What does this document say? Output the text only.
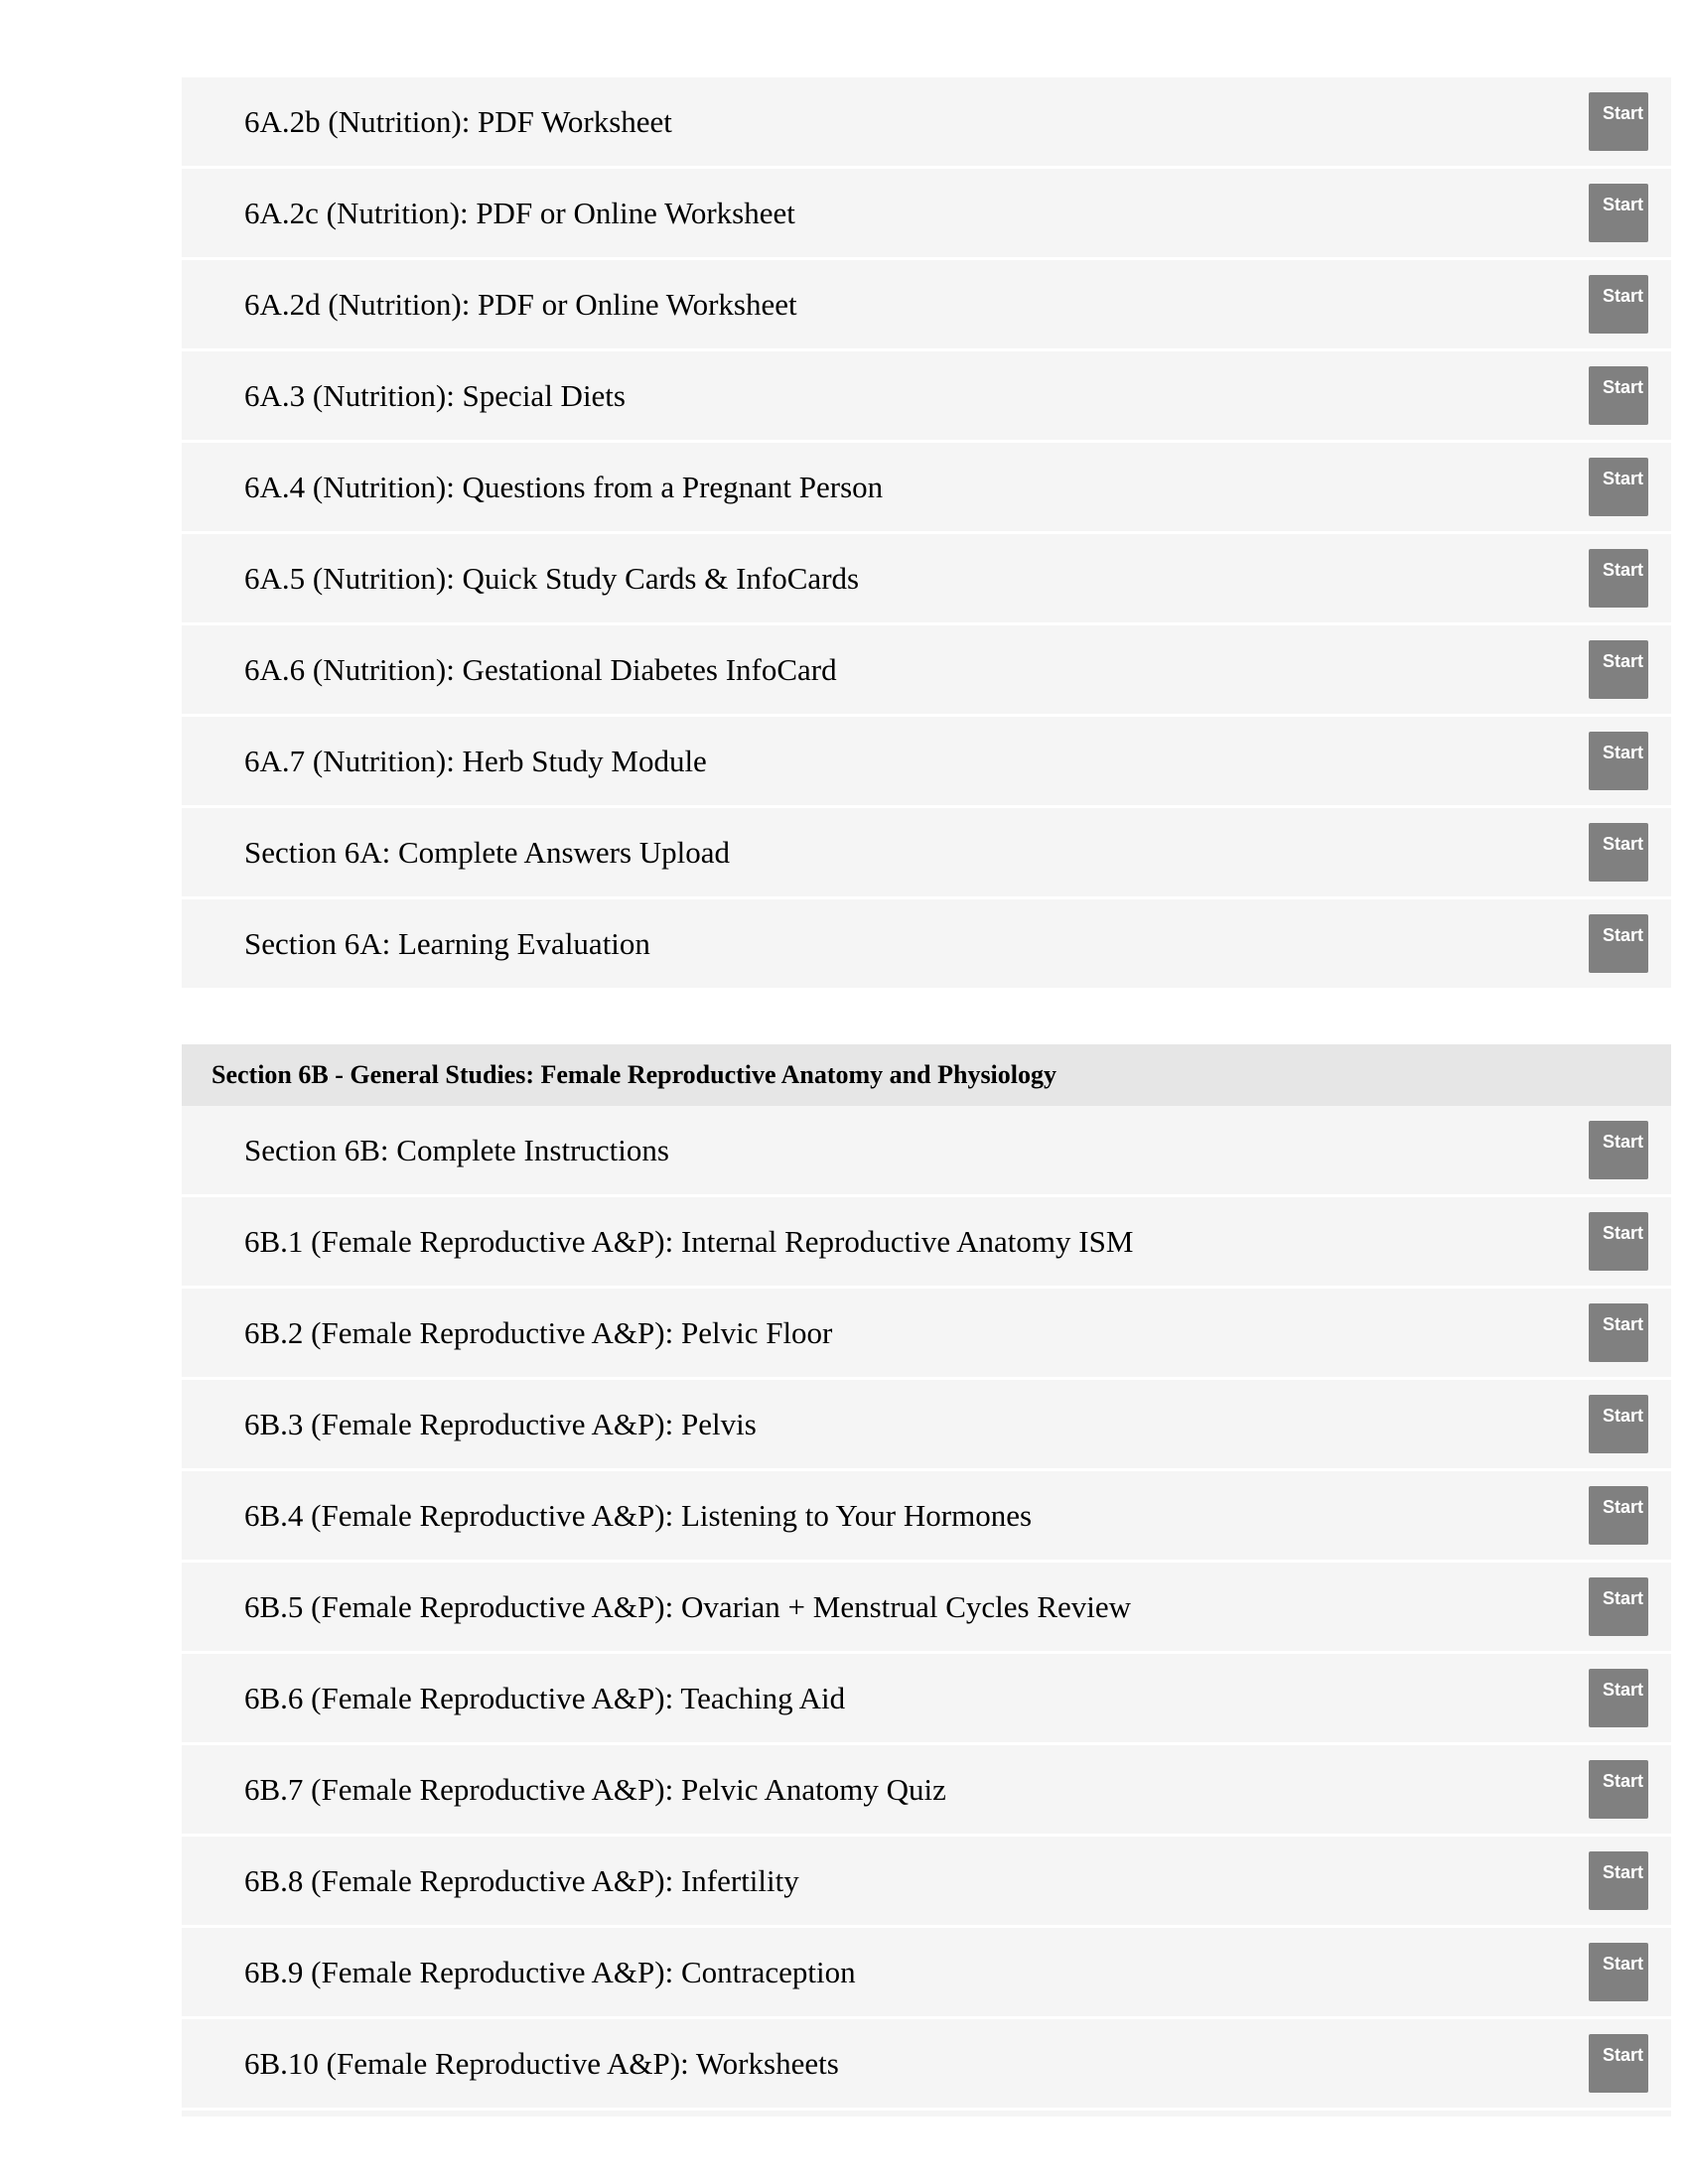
6A.2b (Nutrition): PDF Worksheet	Start
6A.2c (Nutrition): PDF or Online Worksheet	Start
6A.2d (Nutrition): PDF or Online Worksheet	Start
6A.3 (Nutrition): Special Diets	Start
6A.4 (Nutrition): Questions from a Pregnant Person	Start
6A.5 (Nutrition): Quick Study Cards & InfoCards	Start
6A.6 (Nutrition): Gestational Diabetes InfoCard	Start
6A.7 (Nutrition): Herb Study Module	Start
Section 6A: Complete Answers Upload	Start
Section 6A: Learning Evaluation	Start
Section 6B - General Studies: Female Reproductive Anatomy and Physiology
Section 6B: Complete Instructions	Start
6B.1 (Female Reproductive A&P): Internal Reproductive Anatomy ISM	Start
6B.2 (Female Reproductive A&P): Pelvic Floor	Start
6B.3 (Female Reproductive A&P): Pelvis	Start
6B.4 (Female Reproductive A&P): Listening to Your Hormones	Start
6B.5 (Female Reproductive A&P): Ovarian + Menstrual Cycles Review	Start
6B.6 (Female Reproductive A&P): Teaching Aid	Start
6B.7 (Female Reproductive A&P): Pelvic Anatomy Quiz	Start
6B.8 (Female Reproductive A&P): Infertility	Start
6B.9 (Female Reproductive A&P): Contraception	Start
6B.10 (Female Reproductive A&P): Worksheets	Start
